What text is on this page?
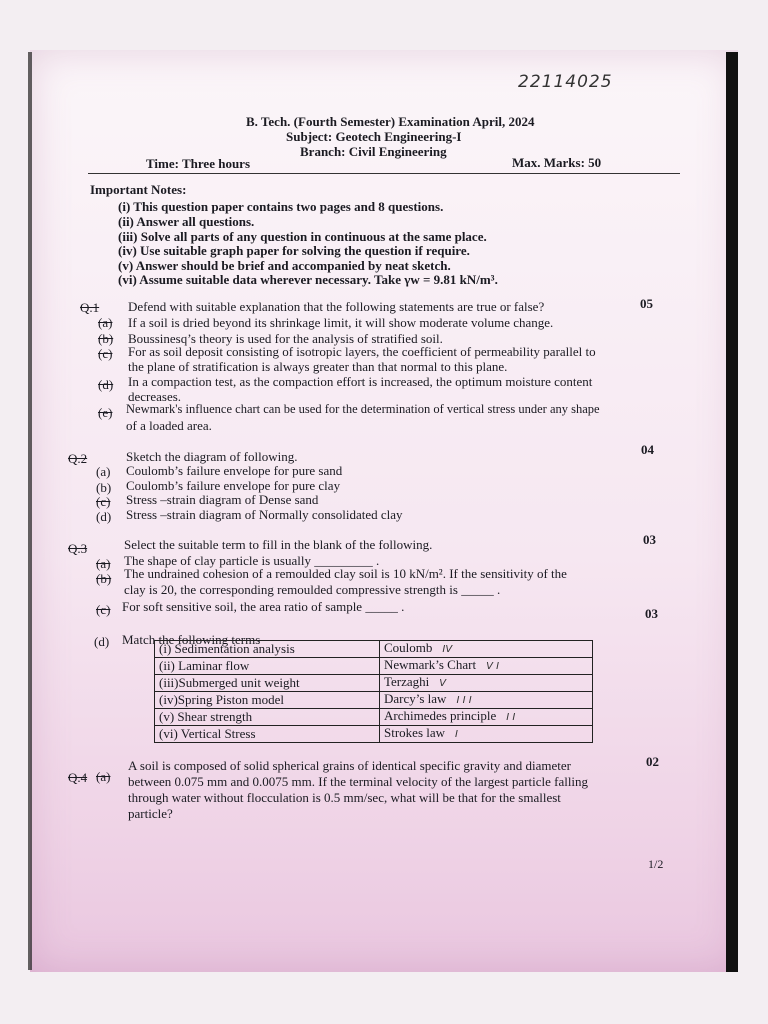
22114025
B. Tech. (Fourth Semester) Examination April, 2024
Subject: Geotech Engineering-I
Branch: Civil Engineering
Time: Three hours	Max. Marks: 50
Important Notes:
(i) This question paper contains two pages and 8 questions.
(ii) Answer all questions.
(iii) Solve all parts of any question in continuous at the same place.
(iv) Use suitable graph paper for solving the question if require.
(v) Answer should be brief and accompanied by neat sketch.
(vi) Assume suitable data wherever necessary. Take γw = 9.81 kN/m³.
Q.1 Defend with suitable explanation that the following statements are true or false?	05
(a) If a soil is dried beyond its shrinkage limit, it will show moderate volume change.
(b) Boussinesq’s theory is used for the analysis of stratified soil.
(c) For as soil deposit consisting of isotropic layers, the coefficient of permeability parallel to
the plane of stratification is always greater than that normal to this plane.
(d) In a compaction test, as the compaction effort is increased, the optimum moisture content
decreases.
(e) Newmark's influence chart can be used for the determination of vertical stress under any shape
of a loaded area.
Q.2	Sketch the diagram of following.	04
(a) Coulomb’s failure envelope for pure sand
(b) Coulomb’s failure envelope for pure clay
(c) Stress –strain diagram of Dense sand
(d) Stress –strain diagram of Normally consolidated clay
Q.3	Select the suitable term to fill in the blank of the following.	03
(a) The shape of clay particle is usually _________ .
(b) The undrained cohesion of a remoulded clay soil is 10 kN/m². If the sensitivity of the
clay is 20, the corresponding remoulded compressive strength is _____ .
(c) For soft sensitive soil, the area ratio of sample _____ .	03
(d) Match the following terms
(i) Sedimentation analysis	Coulomb IV
(ii) Laminar flow	Newmark’s Chart V I
(iii)Submerged unit weight	Terzaghi V
(iv)Spring Piston model	Darcy’s law I I I
(v) Shear strength	Archimedes principle I I
(vi) Vertical Stress	Strokes law I
Q.4 (a)
02
A soil is composed of solid spherical grains of identical specific gravity and diameter
between 0.075 mm and 0.0075 mm. If the terminal velocity of the largest particle falling
through water without flocculation is 0.5 mm/sec, what will be that for the smallest
particle?
1/2
